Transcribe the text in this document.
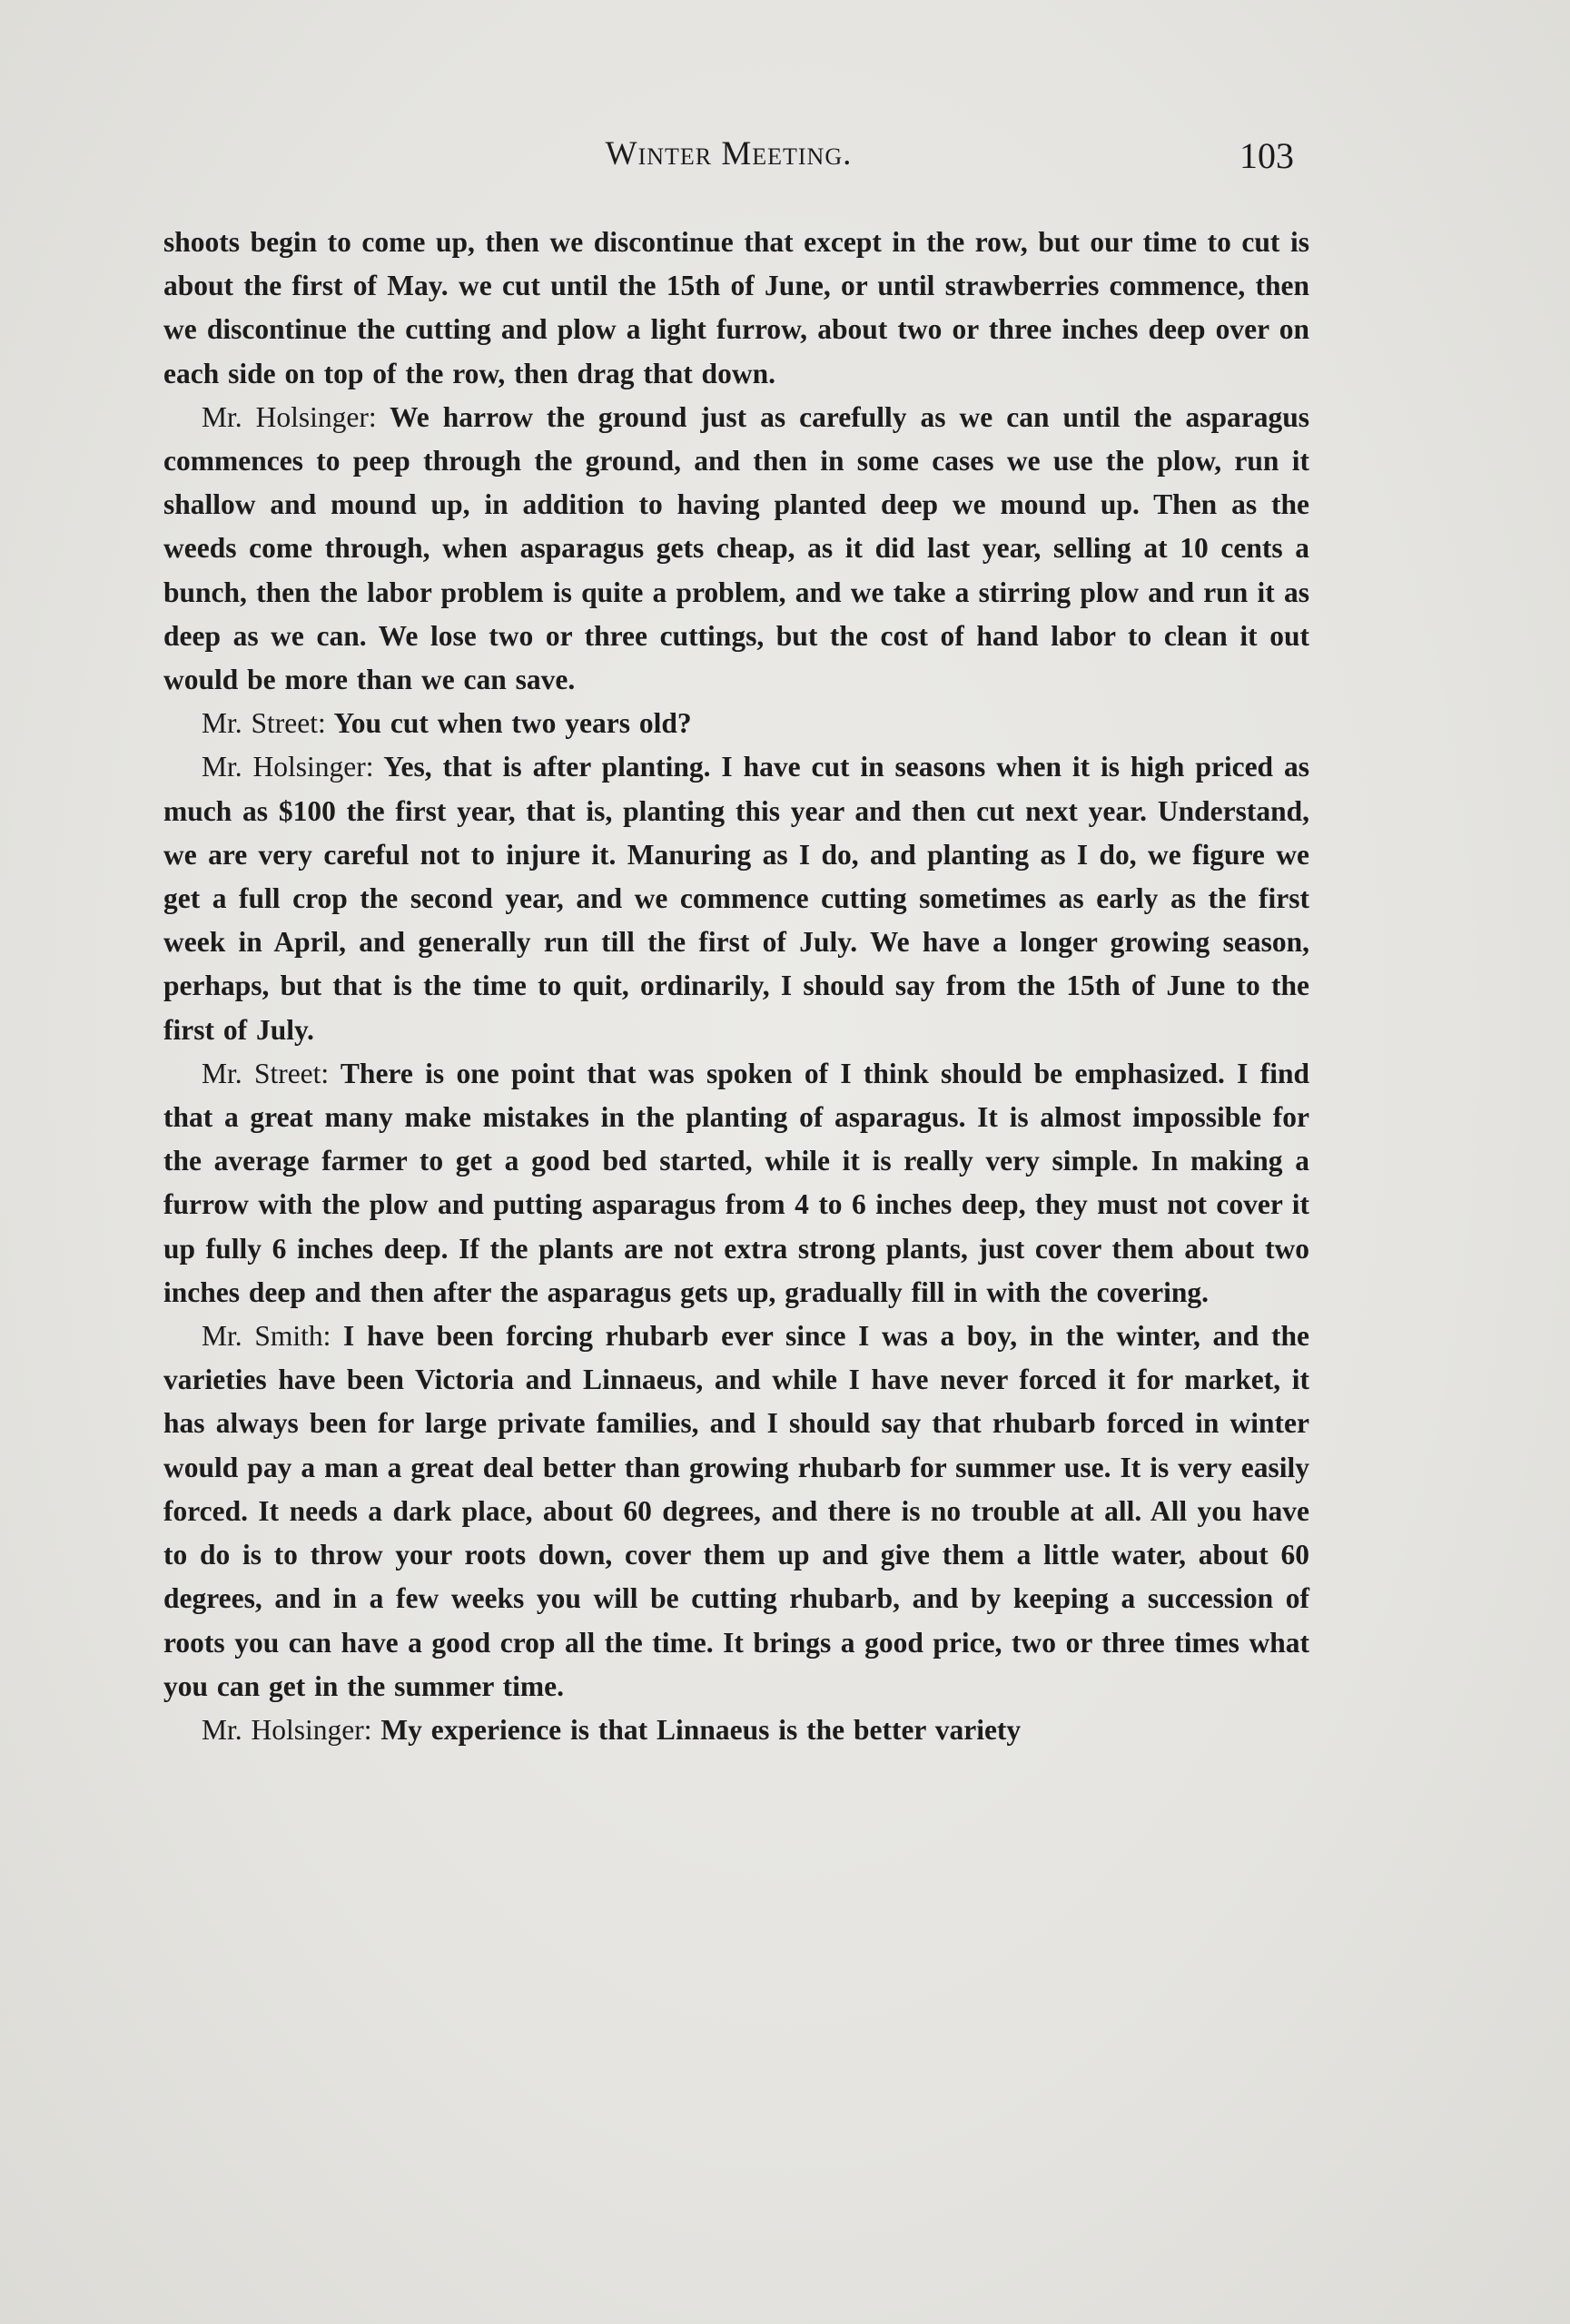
Winter Meeting.	103

shoots begin to come up, then we discontinue that except in the row, but our time to cut is about the first of May. we cut until the 15th of June, or until strawberries commence, then we discontinue the cutting and plow a light furrow, about two or three inches deep over on each side on top of the row, then drag that down.

Mr. Holsinger: We harrow the ground just as carefully as we can until the asparagus commences to peep through the ground, and then in some cases we use the plow, run it shallow and mound up, in addition to having planted deep we mound up. Then as the weeds come through, when asparagus gets cheap, as it did last year, selling at 10 cents a bunch, then the labor problem is quite a problem, and we take a stirring plow and run it as deep as we can. We lose two or three cuttings, but the cost of hand labor to clean it out would be more than we can save.

Mr. Street: You cut when two years old?

Mr. Holsinger: Yes, that is after planting. I have cut in seasons when it is high priced as much as $100 the first year, that is, planting this year and then cut next year. Understand, we are very careful not to injure it. Manuring as I do, and planting as I do, we figure we get a full crop the second year, and we commence cutting sometimes as early as the first week in April, and generally run till the first of July. We have a longer growing season, perhaps, but that is the time to quit, ordinarily, I should say from the 15th of June to the first of July.

Mr. Street: There is one point that was spoken of I think should be emphasized. I find that a great many make mistakes in the planting of asparagus. It is almost impossible for the average farmer to get a good bed started, while it is really very simple. In making a furrow with the plow and putting asparagus from 4 to 6 inches deep, they must not cover it up fully 6 inches deep. If the plants are not extra strong plants, just cover them about two inches deep and then after the asparagus gets up, gradually fill in with the covering.

Mr. Smith: I have been forcing rhubarb ever since I was a boy, in the winter, and the varieties have been Victoria and Linnaeus, and while I have never forced it for market, it has always been for large private families, and I should say that rhubarb forced in winter would pay a man a great deal better than growing rhubarb for summer use. It is very easily forced. It needs a dark place, about 60 degrees, and there is no trouble at all. All you have to do is to throw your roots down, cover them up and give them a little water, about 60 degrees, and in a few weeks you will be cutting rhubarb, and by keeping a succession of roots you can have a good crop all the time. It brings a good price, two or three times what you can get in the summer time.

Mr. Holsinger: My experience is that Linnaeus is the better variety
